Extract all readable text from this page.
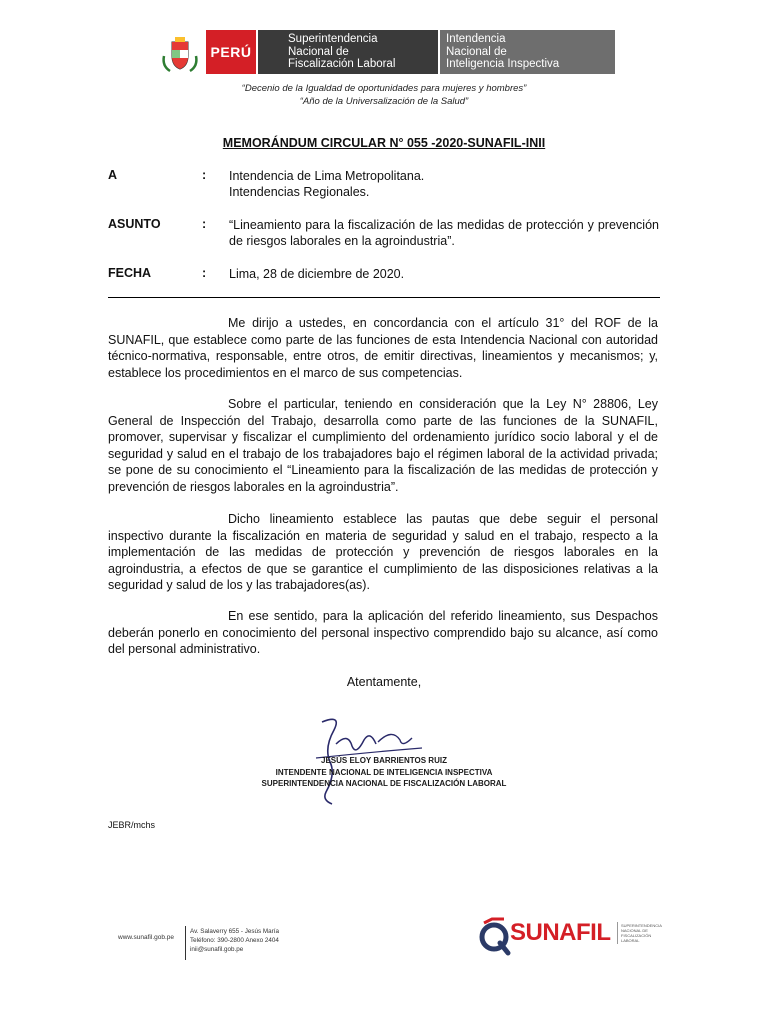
PERÚ
Superintendencia
Nacional de
Fiscalización Laboral
Intendencia
Nacional de
Inteligencia Inspectiva
“Decenio de la Igualdad de oportunidades para mujeres y hombres”
“Año de la Universalización de la Salud”
MEMORÁNDUM CIRCULAR N° 055 -2020-SUNAFIL-INII
A	: Intendencia de Lima Metropolitana.
Intendencias Regionales.
ASUNTO	: “Lineamiento para la fiscalización de las medidas de protección y prevención de riesgos laborales en la agroindustria”.
FECHA	: Lima, 28 de diciembre de 2020.
Me dirijo a ustedes, en concordancia con el artículo 31° del ROF de la SUNAFIL, que establece como parte de las funciones de esta Intendencia Nacional con autoridad técnico-normativa, responsable, entre otros, de emitir directivas, lineamientos y mecanismos; y, establece los procedimientos en el marco de sus competencias.
Sobre el particular, teniendo en consideración que la Ley N° 28806, Ley General de Inspección del Trabajo, desarrolla como parte de las funciones de la SUNAFIL, promover, supervisar y fiscalizar el cumplimiento del ordenamiento jurídico socio laboral y el de seguridad y salud en el trabajo de los trabajadores bajo el régimen laboral de la actividad privada; se pone de su conocimiento el “Lineamiento para la fiscalización de las medidas de protección y prevención de riesgos laborales en la agroindustria”.
Dicho lineamiento establece las pautas que debe seguir el personal inspectivo durante la fiscalización en materia de seguridad y salud en el trabajo, respecto a la implementación de las medidas de protección y prevención de riesgos laborales en la agroindustria, a efectos de que se garantice el cumplimiento de las disposiciones relativas a la seguridad y salud de los y las trabajadores(as).
En ese sentido, para la aplicación del referido lineamiento, sus Despachos deberán ponerlo en conocimiento del personal inspectivo comprendido bajo su alcance, así como del personal administrativo.
Atentamente,
JESÚS ELOY BARRIENTOS RUIZ
INTENDENTE NACIONAL DE INTELIGENCIA INSPECTIVA
SUPERINTENDENCIA NACIONAL DE FISCALIZACIÓN LABORAL
JEBR/mchs
www.sunafil.gob.pe
Av. Salaverry 655 - Jesús María
Teléfono: 390-2800 Anexo 2404
inii@sunafil.gob.pe
SUNAFIL	SUPERINTENDENCIA
NACIONAL DE
FISCALIZACIÓN
LABORAL
